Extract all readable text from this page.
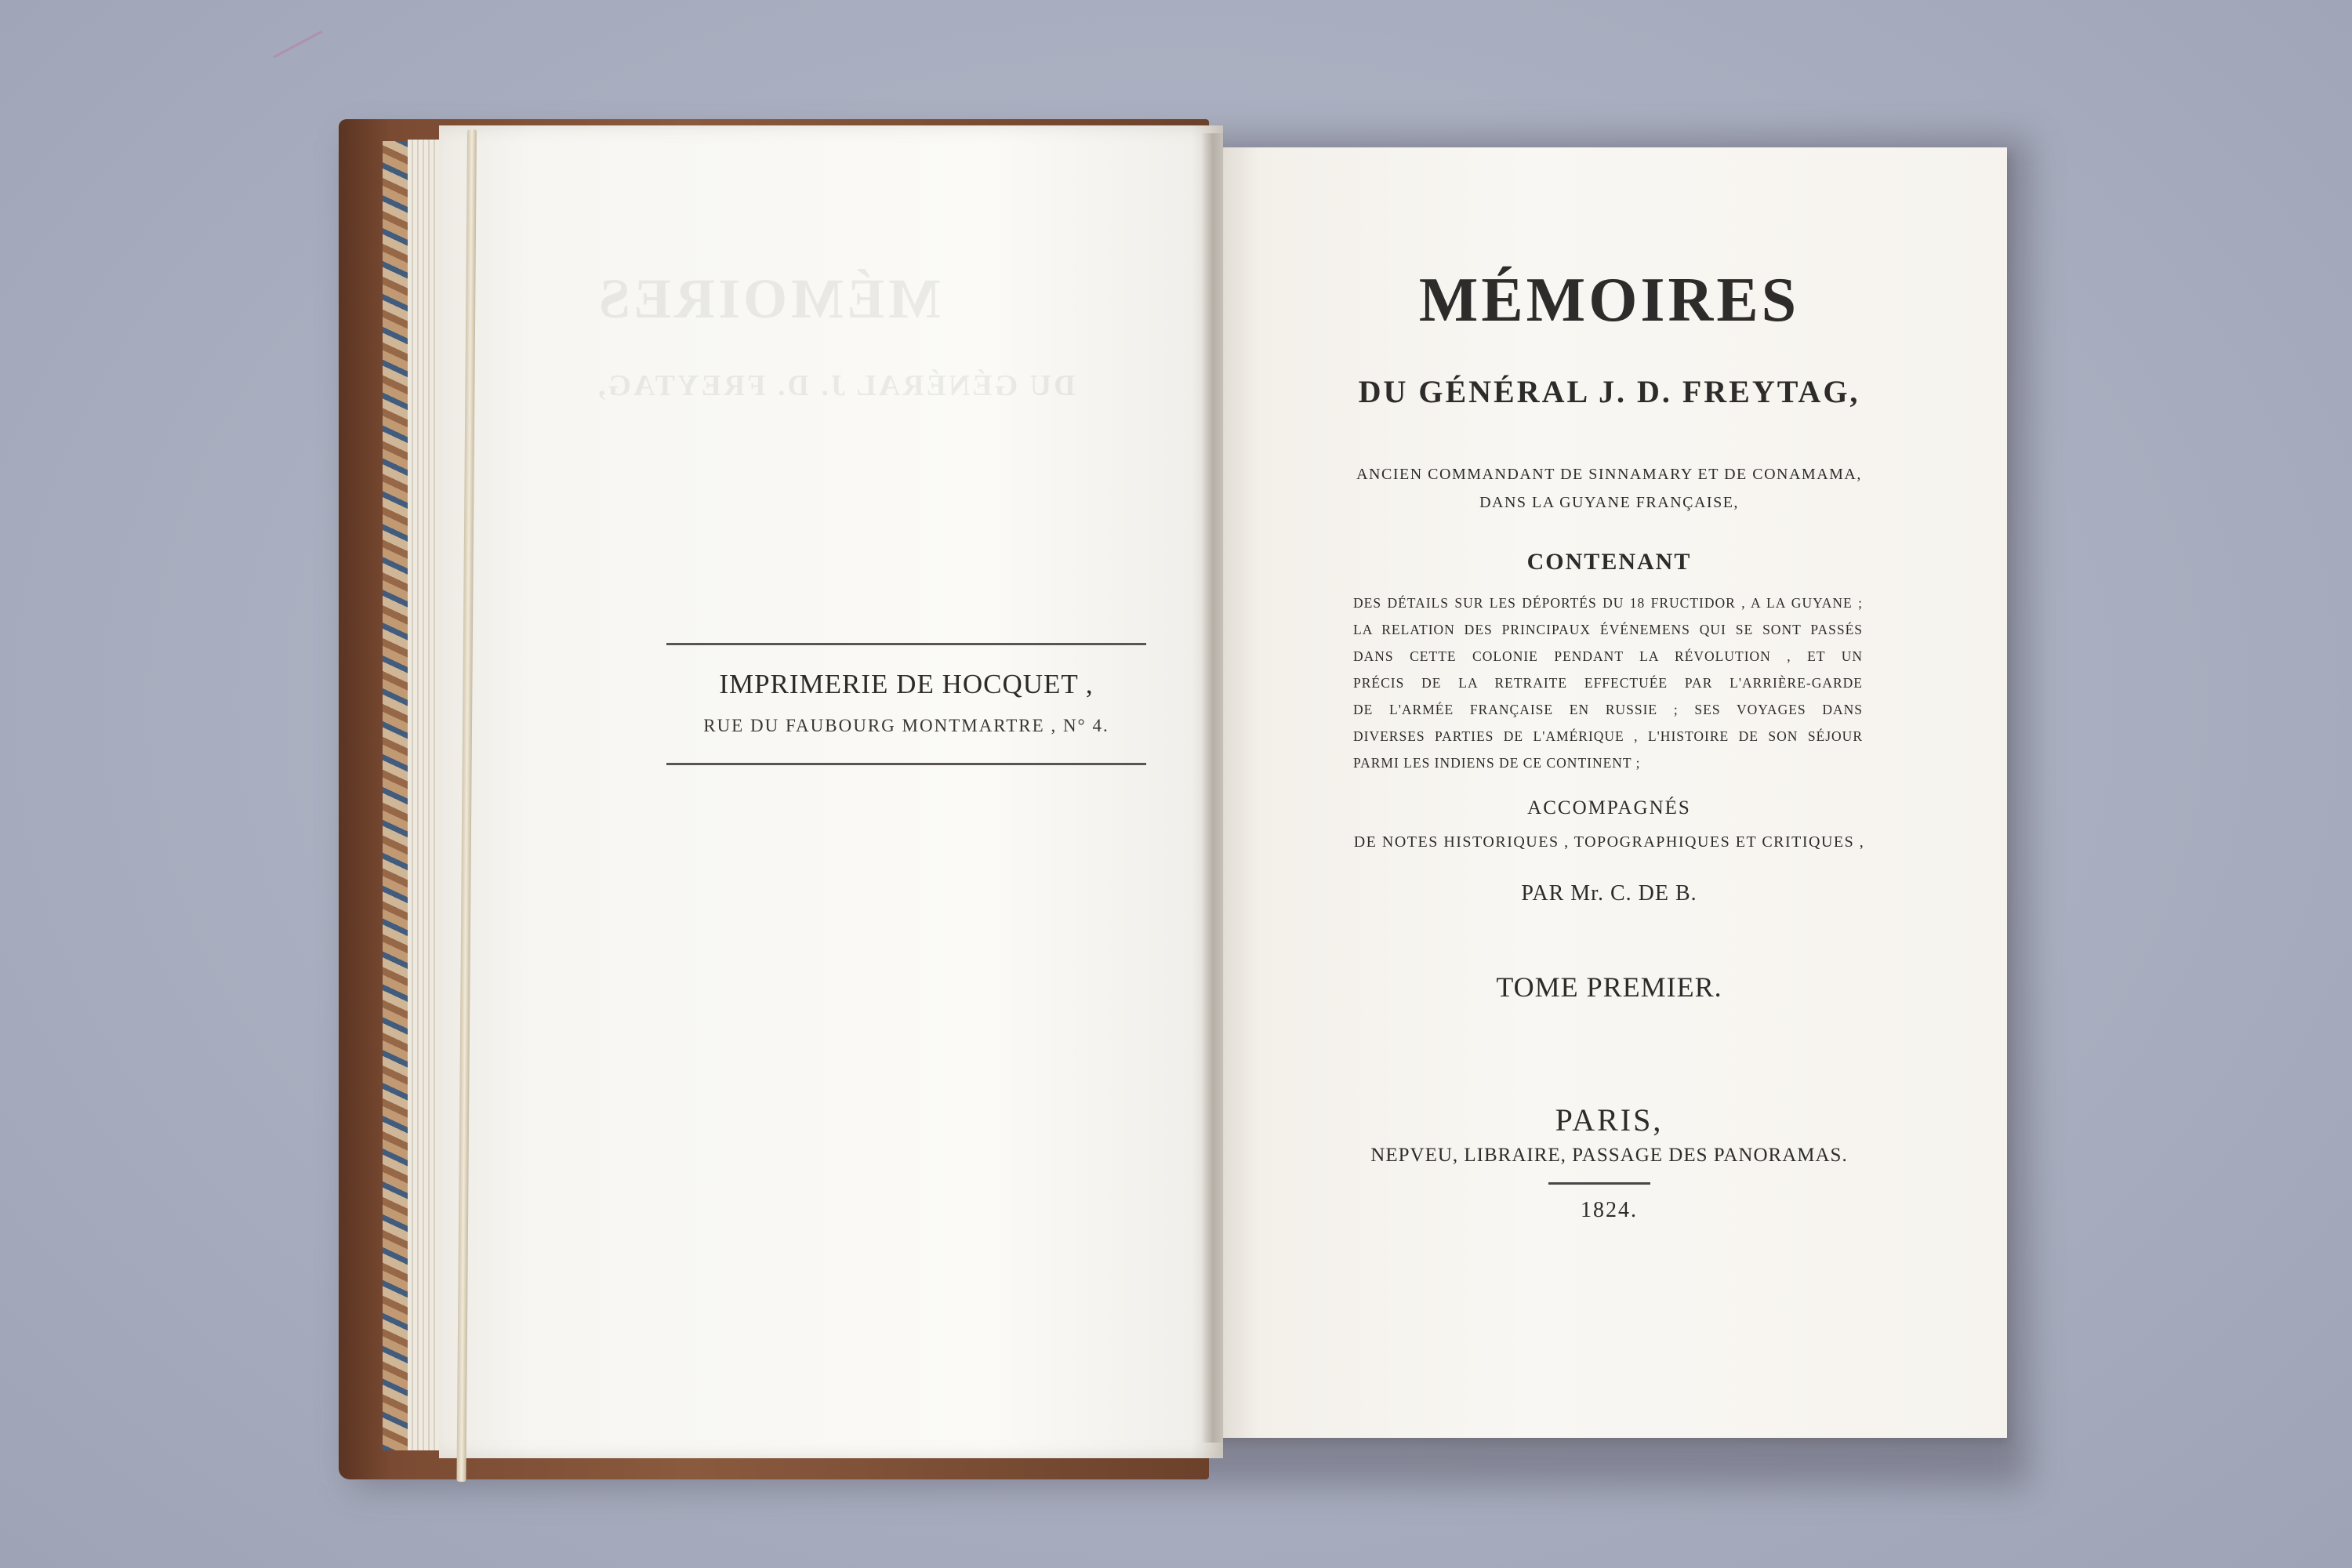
MÉMOIRES
DU GÉNÉRAL J. D. FREYTAG,
IMPRIMERIE DE HOCQUET ,
RUE DU FAUBOURG MONTMARTRE , N° 4.
MÉMOIRES
DU GÉNÉRAL J. D. FREYTAG,
ANCIEN COMMANDANT DE SINNAMARY ET DE CONAMAMA,
DANS LA GUYANE FRANÇAISE,
CONTENANT
DES DÉTAILS SUR LES DÉPORTÉS DU 18 FRUCTIDOR , A LA GUYANE ;
LA RELATION DES PRINCIPAUX ÉVÉNEMENS QUI SE SONT PASSÉS
DANS CETTE COLONIE PENDANT LA RÉVOLUTION , ET UN
PRÉCIS DE LA RETRAITE EFFECTUÉE PAR L'ARRIÈRE-GARDE
DE L'ARMÉE FRANÇAISE EN RUSSIE ; SES VOYAGES DANS
DIVERSES PARTIES DE L'AMÉRIQUE , L'HISTOIRE DE SON SÉJOUR
PARMI LES INDIENS DE CE CONTINENT ;
ACCOMPAGNÉS
DE NOTES HISTORIQUES , TOPOGRAPHIQUES ET CRITIQUES ,
PAR Mr. C. DE B.
TOME PREMIER.
PARIS,
NEPVEU, LIBRAIRE, PASSAGE DES PANORAMAS.
1824.
